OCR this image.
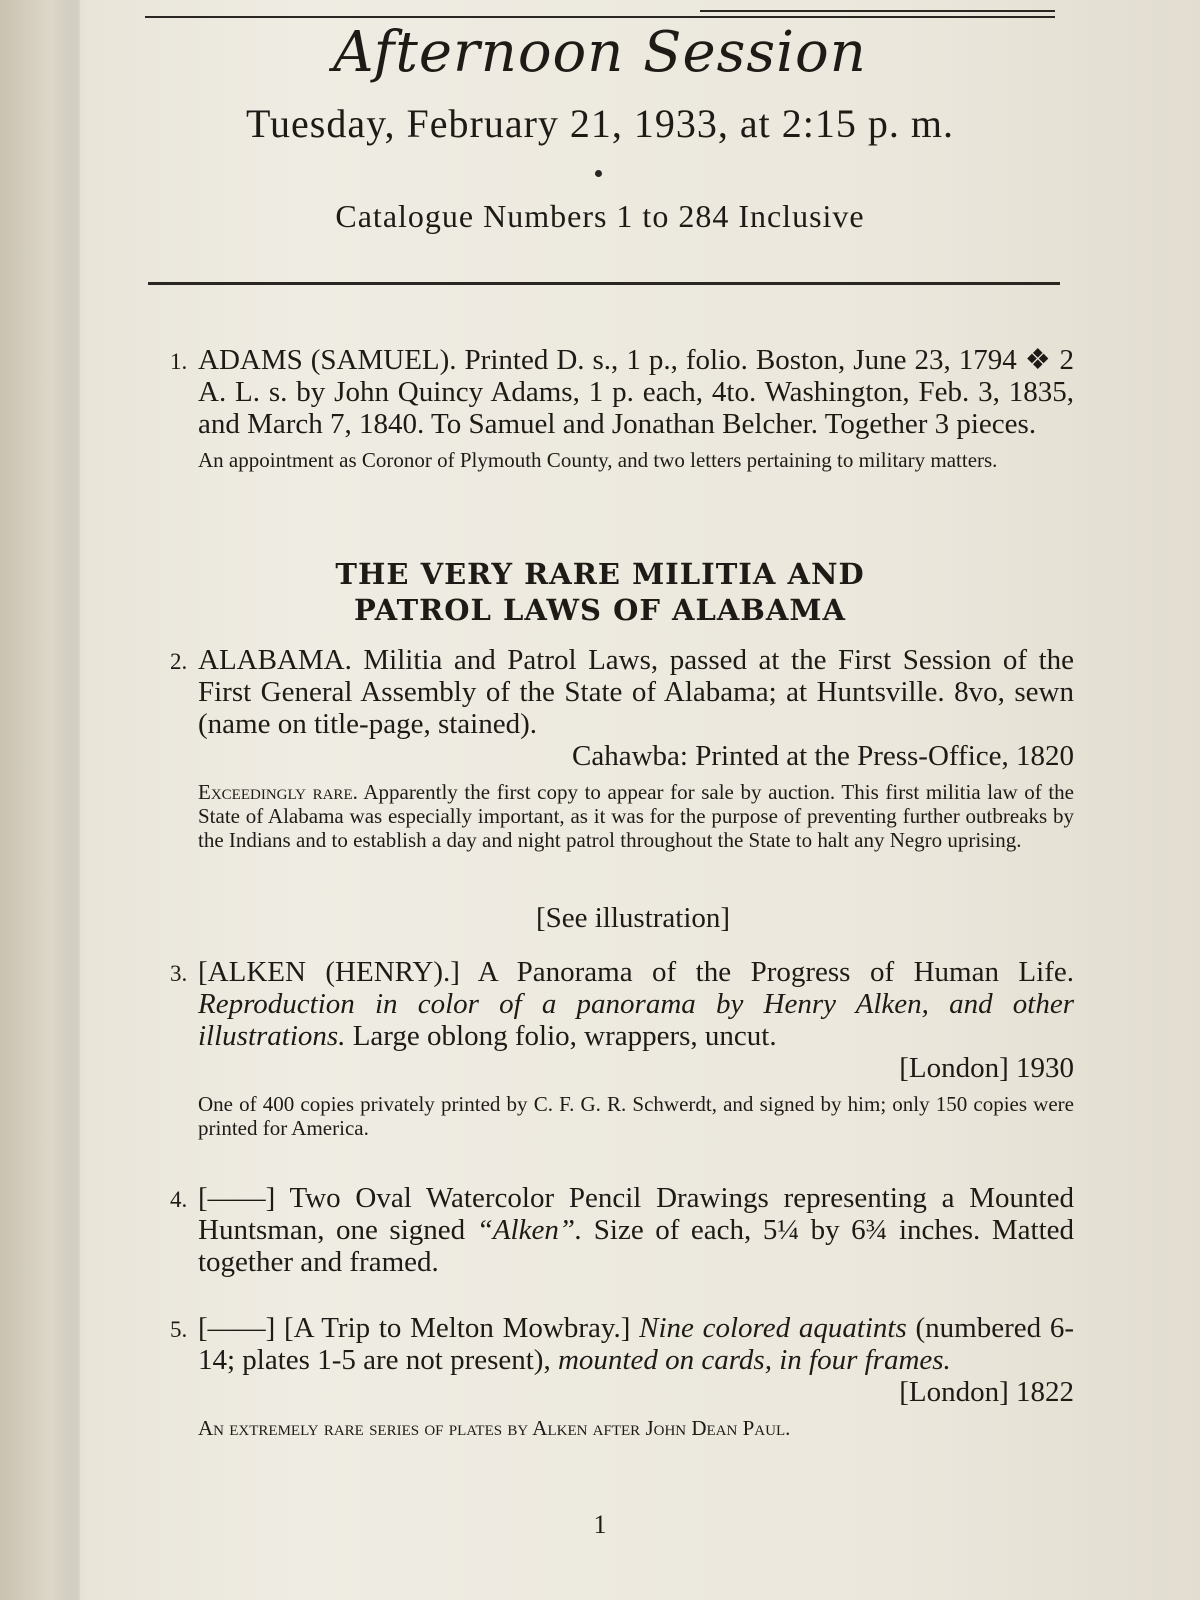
Afternoon Session
Tuesday, February 21, 1933, at 2:15 p. m.
Catalogue Numbers 1 to 284 Inclusive
1. ADAMS (SAMUEL). Printed D. s., 1 p., folio. Boston, June 23, 1794 ❖ 2 A. L. s. by John Quincy Adams, 1 p. each, 4to. Washington, Feb. 3, 1835, and March 7, 1840. To Samuel and Jonathan Belcher. Together 3 pieces.
An appointment as Coronor of Plymouth County, and two letters pertaining to military matters.
THE VERY RARE MILITIA AND
PATROL LAWS OF ALABAMA
2. ALABAMA. Militia and Patrol Laws, passed at the First Session of the First General Assembly of the State of Alabama; at Huntsville. 8vo, sewn (name on title-page, stained).
Cahawba: Printed at the Press-Office, 1820
Exceedingly rare. Apparently the first copy to appear for sale by auction. This first militia law of the State of Alabama was especially important, as it was for the purpose of preventing further outbreaks by the Indians and to establish a day and night patrol throughout the State to halt any Negro uprising.
[See illustration]
3. [ALKEN (HENRY).] A Panorama of the Progress of Human Life. Reproduction in color of a panorama by Henry Alken, and other illustrations. Large oblong folio, wrappers, uncut.
[London] 1930
One of 400 copies privately printed by C. F. G. R. Schwerdt, and signed by him; only 150 copies were printed for America.
4. [——] Two Oval Watercolor Pencil Drawings representing a Mounted Huntsman, one signed “Alken”. Size of each, 5¼ by 6¾ inches. Matted together and framed.
5. [——] [A Trip to Melton Mowbray.] Nine colored aquatints (numbered 6-14; plates 1-5 are not present), mounted on cards, in four frames.
[London] 1822
An extremely rare series of plates by Alken after John Dean Paul.
1
